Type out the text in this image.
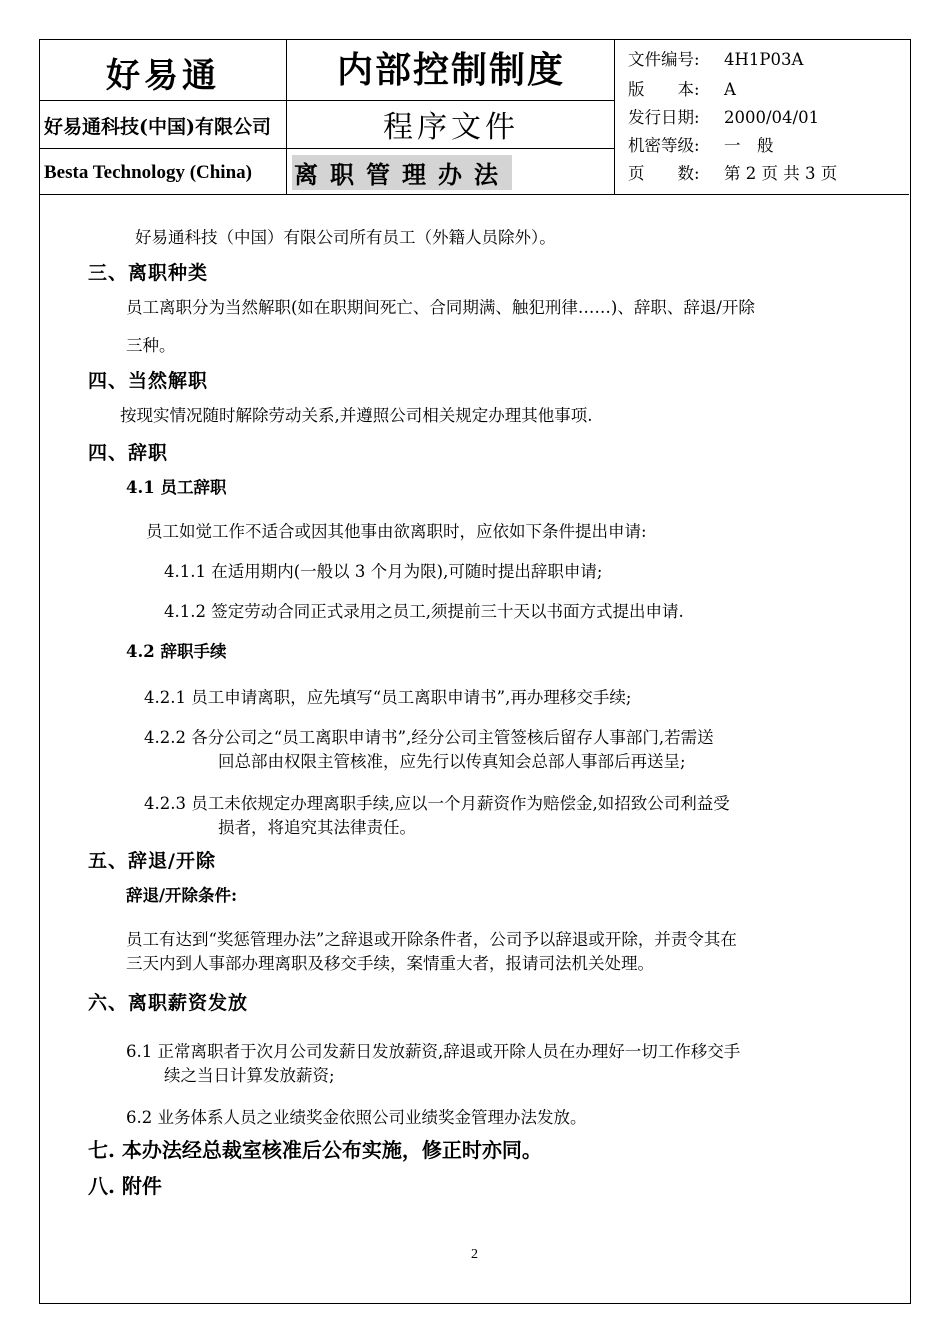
好易通
好易通科技(中国)有限公司
Besta Technology (China)
内部控制制度
程序文件
离职管理办法
文件编号: 4H1P03A
版　　本: A
发行日期: 2000/04/01
机密等级: 一　般
页　　数: 第 2 页 共 3 页
好易通科技（中国）有限公司所有员工（外籍人员除外）。
三、离职种类
员工离职分为当然解职(如在职期间死亡、合同期满、触犯刑律……)、辞职、辞退/开除
三种。
四、当然解职
按现实情况随时解除劳动关系,并遵照公司相关规定办理其他事项.
四、辞职
4.1 员工辞职
员工如觉工作不适合或因其他事由欲离职时，应依如下条件提出申请:
4.1.1 在适用期内(一般以 3 个月为限),可随时提出辞职申请;
4.1.2 签定劳动合同正式录用之员工,须提前三十天以书面方式提出申请.
4.2 辞职手续
4.2.1 员工申请离职，应先填写“员工离职申请书”,再办理移交手续;
4.2.2 各分公司之“员工离职申请书”,经分公司主管签核后留存人事部门,若需送
回总部由权限主管核准，应先行以传真知会总部人事部后再送呈;
4.2.3 员工未依规定办理离职手续,应以一个月薪资作为赔偿金,如招致公司利益受
损者，将追究其法律责任。
五、辞退/开除
辞退/开除条件:
员工有达到“奖惩管理办法”之辞退或开除条件者，公司予以辞退或开除，并责令其在
三天内到人事部办理离职及移交手续，案情重大者，报请司法机关处理。
六、离职薪资发放
6.1 正常离职者于次月公司发薪日发放薪资,辞退或开除人员在办理好一切工作移交手
续之当日计算发放薪资;
6.2 业务体系人员之业绩奖金依照公司业绩奖金管理办法发放。
七. 本办法经总裁室核准后公布实施，修正时亦同。
八. 附件
2
